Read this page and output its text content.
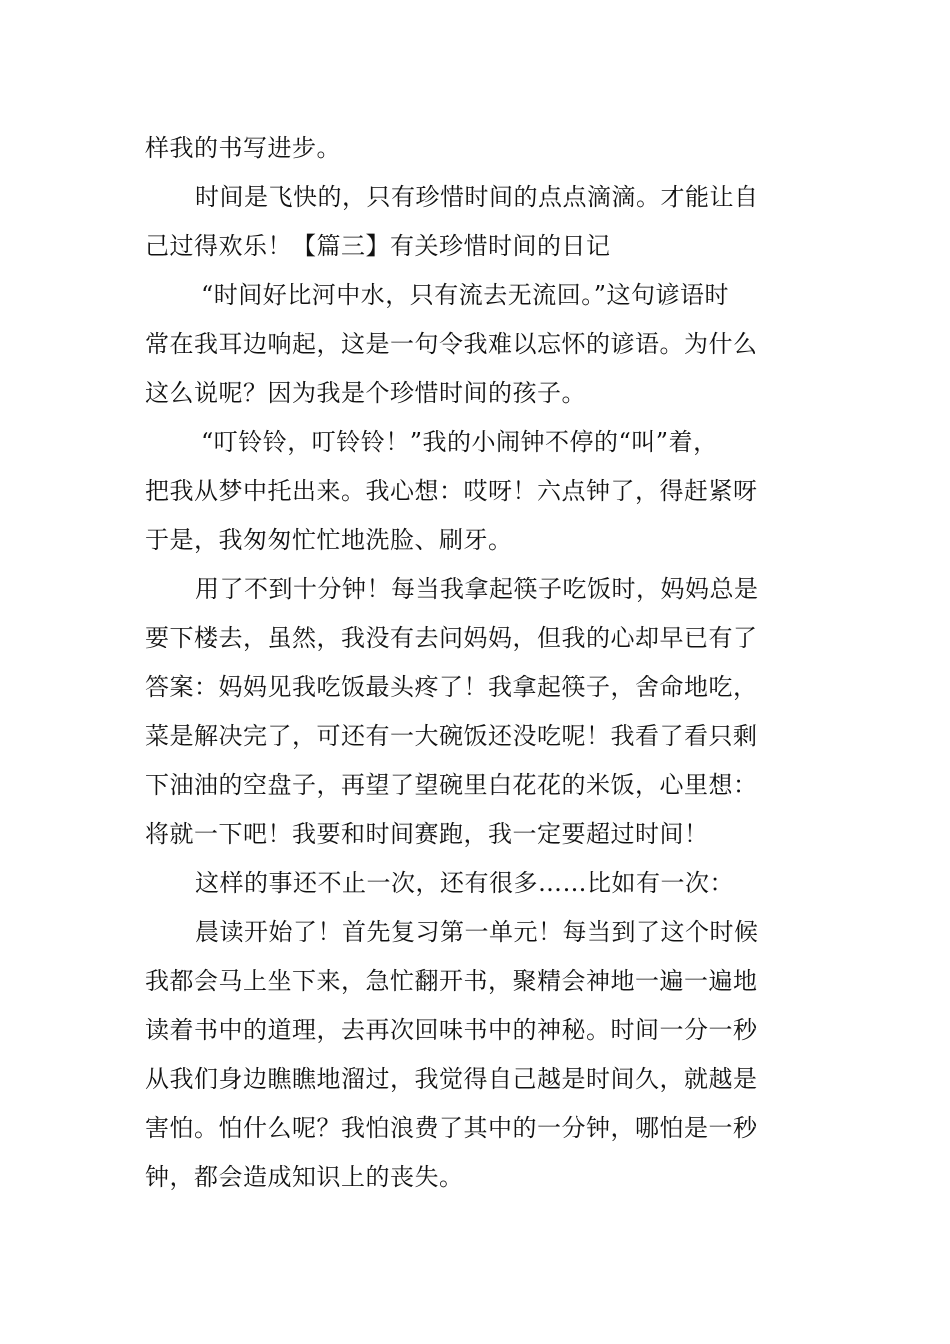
样我的书写进步。
时间是飞快的，只有珍惜时间的点点滴滴。才能让自
己过得欢乐！【篇三】有关珍惜时间的日记
“时间好比河中水，只有流去无流回。”这句谚语时
常在我耳边响起，这是一句令我难以忘怀的谚语。为什么
这么说呢？因为我是个珍惜时间的孩子。
“叮铃铃，叮铃铃！”我的小闹钟不停的“叫”着，
把我从梦中托出来。我心想：哎呀！六点钟了，得赶紧呀
于是，我匆匆忙忙地洗脸、刷牙。
用了不到十分钟！每当我拿起筷子吃饭时，妈妈总是
要下楼去，虽然，我没有去问妈妈，但我的心却早已有了
答案：妈妈见我吃饭最头疼了！我拿起筷子，舍命地吃，
菜是解决完了，可还有一大碗饭还没吃呢！我看了看只剩
下油油的空盘子，再望了望碗里白花花的米饭，心里想：
将就一下吧！我要和时间赛跑，我一定要超过时间！
这样的事还不止一次，还有很多……比如有一次：
晨读开始了！首先复习第一单元！每当到了这个时候
我都会马上坐下来，急忙翻开书，聚精会神地一遍一遍地
读着书中的道理，去再次回味书中的神秘。时间一分一秒
从我们身边瞧瞧地溜过，我觉得自己越是时间久，就越是
害怕。怕什么呢？我怕浪费了其中的一分钟，哪怕是一秒
钟，都会造成知识上的丧失。
